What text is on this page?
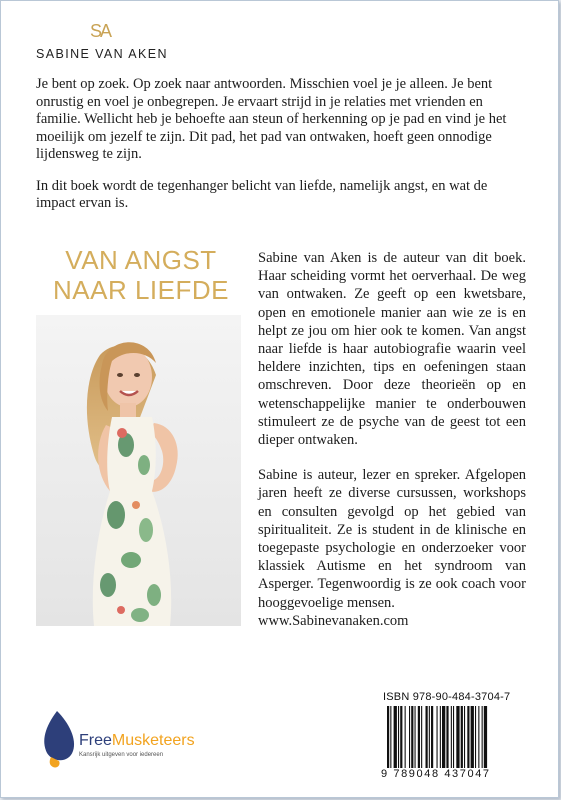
SA
SABINE VAN AKEN

Je bent op zoek. Op zoek naar antwoorden. Misschien voel je je alleen. Je bent onrustig en voel je onbegrepen. Je ervaart strijd in je relaties met vrienden en familie. Wellicht heb je behoefte aan steun of herkenning op je pad en vind je het moeilijk om jezelf te zijn. Dit pad, het pad van ontwaken, hoeft geen onnodige lijdensweg te zijn.

In dit boek wordt de tegenhanger belicht van liefde, namelijk angst, en wat de impact ervan is.

VAN ANGST
NAAR LIEFDE

Sabine van Aken is de auteur van dit boek. Haar scheiding vormt het oerverhaal. De weg van ontwaken. Ze geeft op een kwetsbare, open en emotionele manier aan wie ze is en helpt ze jou om hier ook te komen. Van angst naar liefde is haar autobiografie waarin veel heldere inzichten, tips en oefeningen staan omschreven. Door deze theorieën op en wetenschappelijke manier te onderbouwen stimuleert ze de psyche van de geest tot een dieper ontwaken.

Sabine is auteur, lezer en spreker. Afgelopen jaren heeft ze diverse cursussen, workshops en consulten gevolgd op het gebied van spiritualiteit. Ze is student in de klinische en toegepaste psychologie en onderzoeker voor klassiek Autisme en het syndroom van Asperger. Tegenwoordig is ze ook coach voor hooggevoelige mensen.

www.Sabinevanaken.com
FreeMusketeers
Kansrijk uitgeven voor iedereen
ISBN 978-90-484-3704-7
9 789048 437047
